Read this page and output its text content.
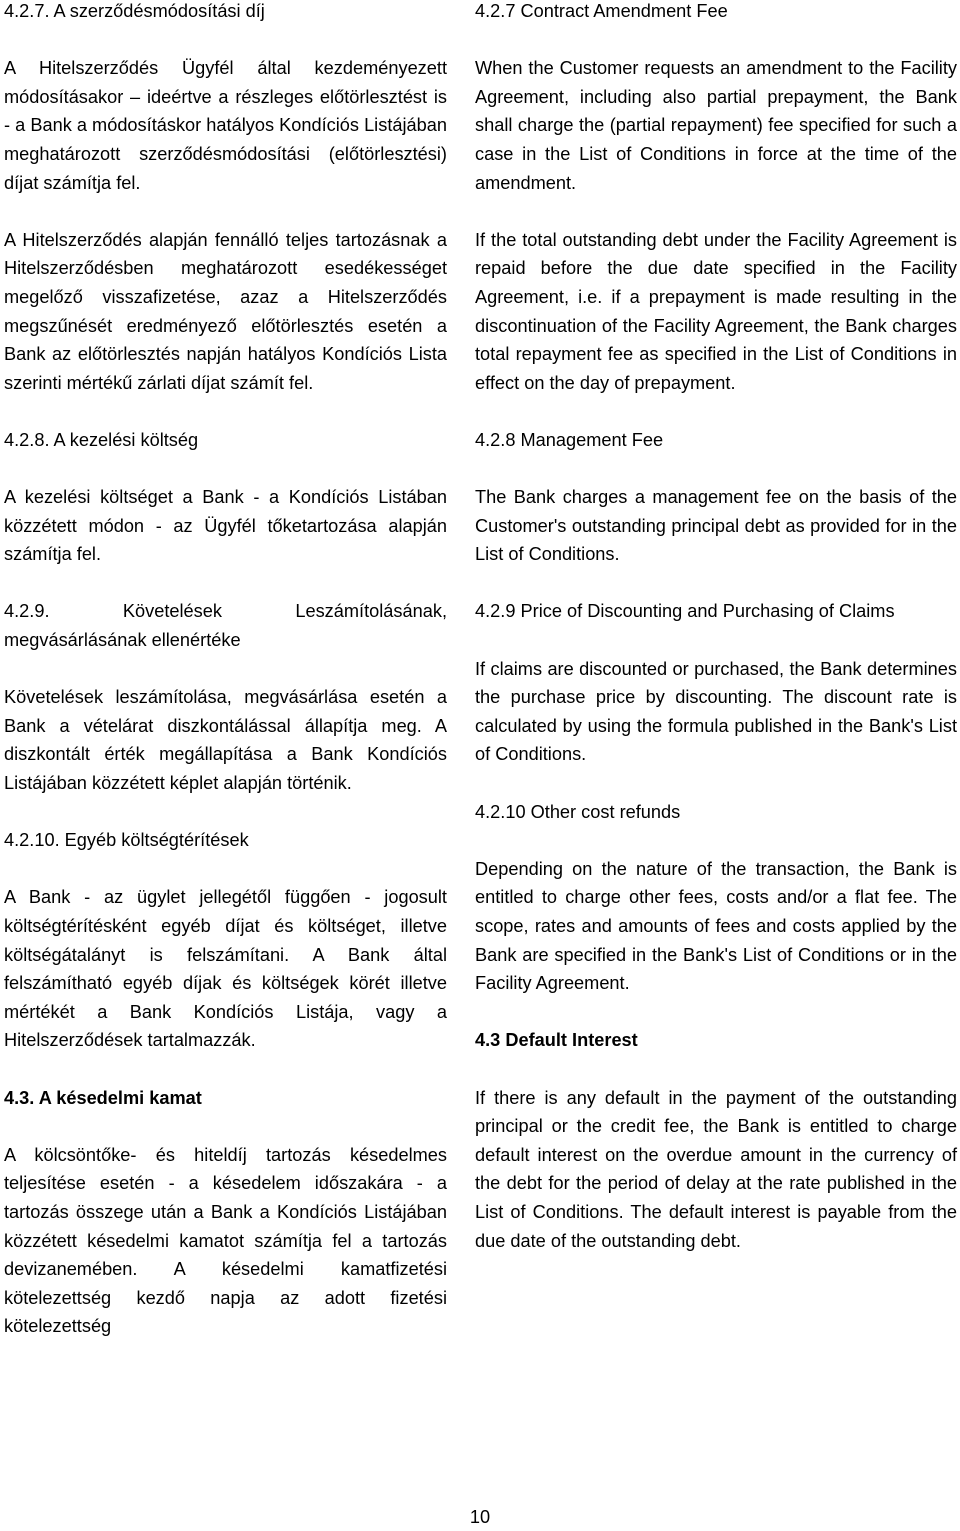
4.2.7. A szerződésmódosítási díj

A Hitelszerződés Ügyfél által kezdeményezett módosításakor – ideértve a részleges előtörlesztést is - a Bank a módosításkor hatályos Kondíciós Listájában meghatározott szerződésmódosítási (előtörlesztési) díjat számítja fel.

A Hitelszerződés alapján fennálló teljes tartozásnak a Hitelszerződésben meghatározott esedékességet megelőző visszafizetése, azaz a Hitelszerződés megszűnését eredményező előtörlesztés esetén a Bank az előtörlesztés napján hatályos Kondíciós Lista szerinti mértékű zárlati díjat számít fel.

4.2.8. A kezelési költség

A kezelési költséget a Bank - a Kondíciós Listában közzétett módon - az Ügyfél tőketartozása alapján számítja fel.

4.2.9. Követelések Leszámítolásának, megvásárlásának ellenértéke

Követelések leszámítolása, megvásárlása esetén a Bank a vételárat diszkontálással állapítja meg. A diszkontált érték megállapítása a Bank Kondíciós Listájában közzétett képlet alapján történik.

4.2.10. Egyéb költségtérítések

A Bank - az ügylet jellegétől függően - jogosult költségtérítésként egyéb díjat és költséget, illetve költségátalányt is felszámítani. A Bank által felszámítható egyéb díjak és költségek körét illetve mértékét a Bank Kondíciós Listája, vagy a Hitelszerződések tartalmazzák.

4.3. A késedelmi kamat

A kölcsöntőke- és hiteldíj tartozás késedelmes teljesítése esetén - a késedelem időszakára - a tartozás összege után a Bank a Kondíciós Listájában közzétett késedelmi kamatot számítja fel a tartozás devizanemében. A késedelmi kamatfizetési kötelezettség kezdő napja az adott fizetési kötelezettség

4.2.7 Contract Amendment Fee

When the Customer requests an amendment to the Facility Agreement, including also partial prepayment, the Bank shall charge the (partial repayment) fee specified for such a case in the List of Conditions in force at the time of the amendment.

If the total outstanding debt under the Facility Agreement is repaid before the due date specified in the Facility Agreement, i.e. if a prepayment is made resulting in the discontinuation of the Facility Agreement, the Bank charges total repayment fee as specified in the List of Conditions in effect on the day of prepayment.

4.2.8 Management Fee

The Bank charges a management fee on the basis of the Customer's outstanding principal debt as provided for in the List of Conditions.

4.2.9 Price of Discounting and Purchasing of Claims

If claims are discounted or purchased, the Bank determines the purchase price by discounting. The discount rate is calculated by using the formula published in the Bank's List of Conditions.

4.2.10 Other cost refunds

Depending on the nature of the transaction, the Bank is entitled to charge other fees, costs and/or a flat fee. The scope, rates and amounts of fees and costs applied by the Bank are specified in the Bank's List of Conditions or in the Facility Agreement.

4.3 Default Interest

If there is any default in the payment of the outstanding principal or the credit fee, the Bank is entitled to charge default interest on the overdue amount in the currency of the debt for the period of delay at the rate published in the List of Conditions. The default interest is payable from the due date of the outstanding debt.

10
